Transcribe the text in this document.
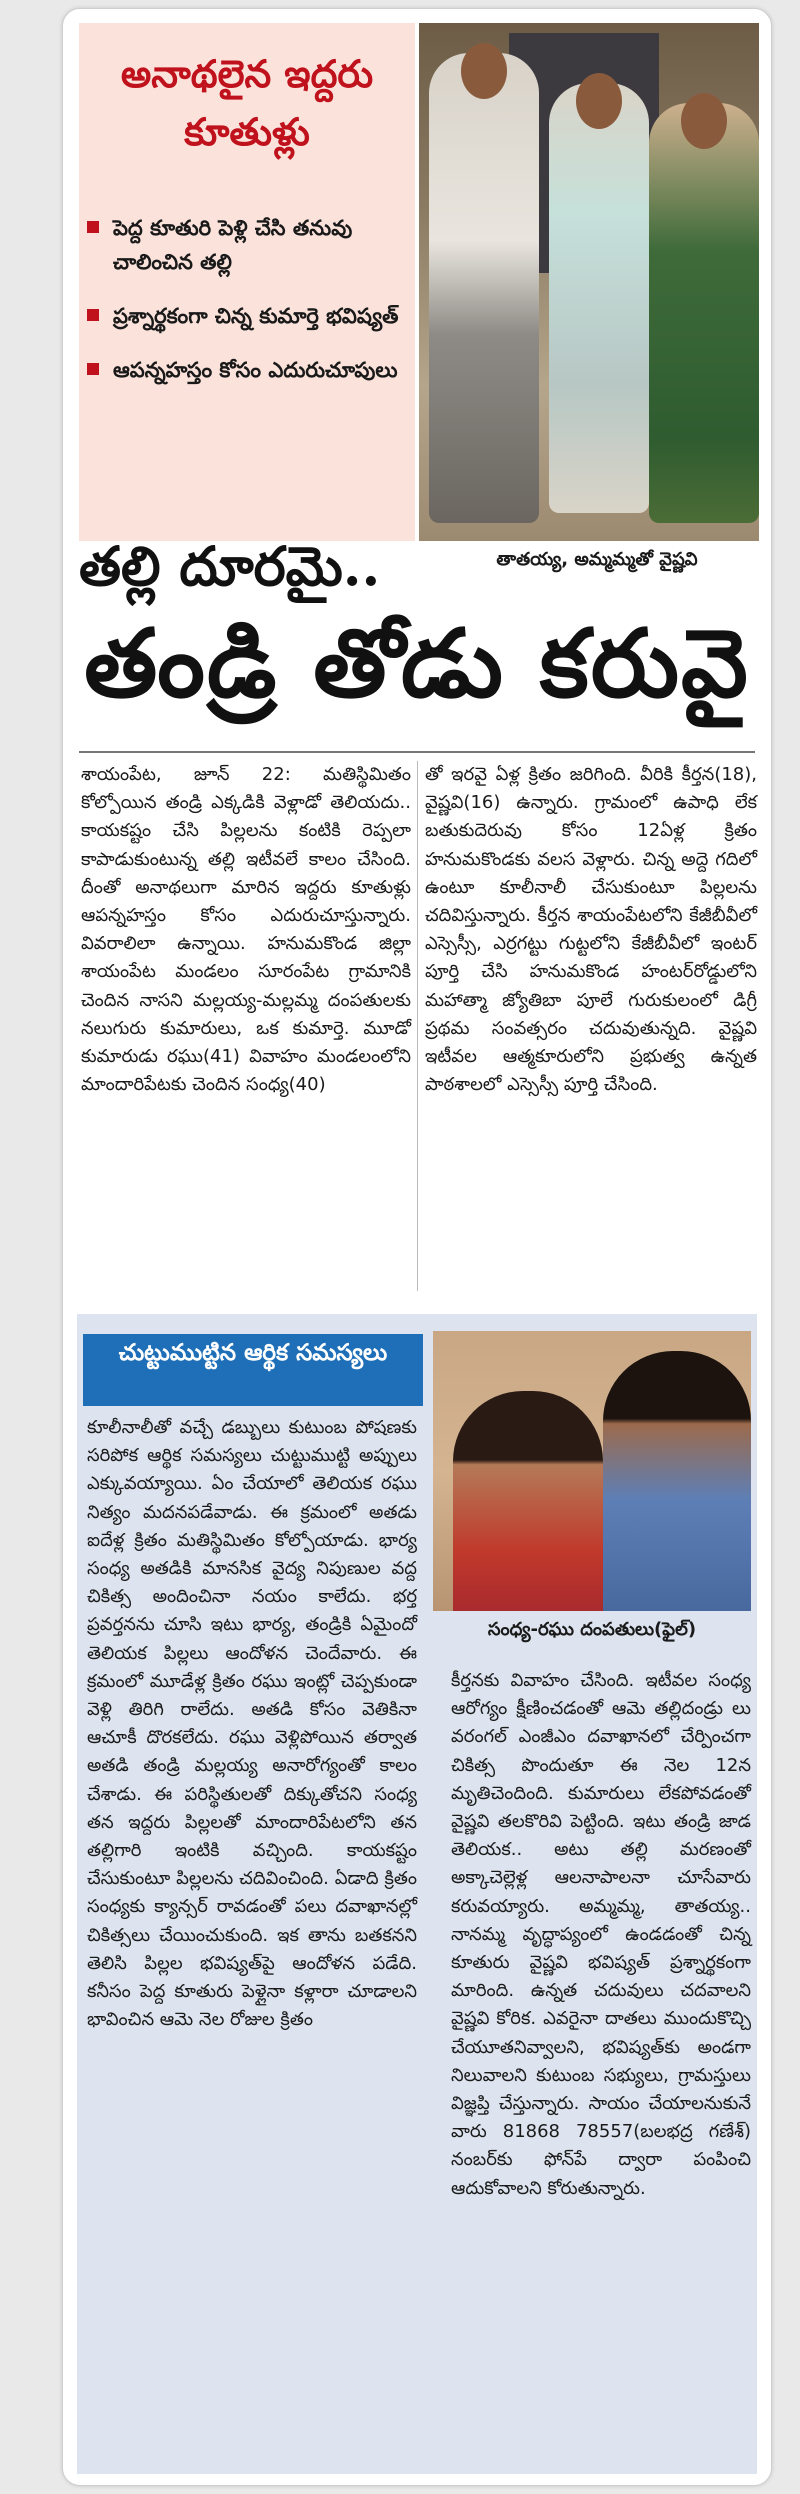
అనాథలైన ఇద్దరు కూతుళ్లు
పెద్ద కూతురి పెళ్లి చేసి తనువు చాలించిన తల్లి
ప్రశ్నార్థకంగా చిన్న కుమార్తె భవిష్యత్
ఆపన్నహస్తం కోసం ఎదురుచూపులు
తల్లి దూరమై..	తాతయ్య, అమ్మమ్మతో వైష్ణవి
తండ్రి తోడు కరువై
శాయంపేట, జూన్ 22: మతిస్థిమితం కోల్పోయిన తండ్రి ఎక్కడికి వెళ్లాడో తెలియదు.. కాయకష్టం చేసి పిల్లలను కంటికి రెప్పలా కాపాడుకుంటున్న తల్లి ఇటీవలే కాలం చేసింది. దీంతో అనాథలుగా మారిన ఇద్దరు కూతుళ్లు ఆపన్నహస్తం కోసం ఎదురుచూస్తున్నారు. వివరాలిలా ఉన్నాయి. హనుమకొండ జిల్లా శాయంపేట మండలం సూరంపేట గ్రామానికి చెందిన నాసని మల్లయ్య-మల్లమ్మ దంపతులకు నలుగురు కుమారులు, ఒక కుమార్తె. మూడో కుమారుడు రఘు(41) వివాహం మండలంలోని మాందారిపేటకు చెందిన సంధ్య(40)
తో ఇరవై ఏళ్ల క్రితం జరిగింది. వీరికి కీర్తన(18), వైష్ణవి(16) ఉన్నారు. గ్రామంలో ఉపాధి లేక బతుకుదెరువు కోసం 12ఏళ్ల క్రితం హనుమకొండకు వలస వెళ్లారు. చిన్న అద్దె గదిలో ఉంటూ కూలీనాలీ చేసుకుంటూ పిల్లలను చదివిస్తున్నారు. కీర్తన శాయంపేటలోని కేజీబీవీలో ఎస్సెస్సీ, ఎర్రగట్టు గుట్టలోని కేజీబీవీలో ఇంటర్ పూర్తి చేసి హనుమకొండ హంటర్‌రోడ్డులోని మహాత్మా జ్యోతిబా పూలే గురుకులంలో డిగ్రీ ప్రథమ సంవత్సరం చదువుతున్నది. వైష్ణవి ఇటీవల ఆత్మకూరులోని ప్రభుత్వ ఉన్నత పాఠశాలలో ఎస్సెస్సీ పూర్తి చేసింది.
చుట్టుముట్టిన ఆర్థిక సమస్యలు
కూలీనాలీతో వచ్చే డబ్బులు కుటుంబ పోషణకు సరిపోక ఆర్థిక సమస్యలు చుట్టుముట్టి అప్పులు ఎక్కువయ్యాయి. ఏం చేయాలో తెలియక రఘు నిత్యం మదనపడేవాడు. ఈ క్రమంలో అతడు ఐదేళ్ల క్రితం మతిస్థిమితం కోల్పోయాడు. భార్య సంధ్య అతడికి మానసిక వైద్య నిపుణుల వద్ద చికిత్స అందించినా నయం కాలేదు. భర్త ప్రవర్తనను చూసి ఇటు భార్య, తండ్రికి ఏమైందో తెలియక పిల్లలు ఆందోళన చెందేవారు. ఈ క్రమంలో మూడేళ్ల క్రితం రఘు ఇంట్లో చెప్పకుండా వెళ్లి తిరిగి రాలేదు. అతడి కోసం వెతికినా ఆచూకీ దొరకలేదు. రఘు వెళ్లిపోయిన తర్వాత అతడి తండ్రి మల్లయ్య అనారోగ్యంతో కాలం చేశాడు. ఈ పరిస్థితులతో దిక్కుతోచని సంధ్య తన ఇద్దరు పిల్లలతో మాందారిపేటలోని తన తల్లిగారి ఇంటికి వచ్చింది. కాయకష్టం చేసుకుంటూ పిల్లలను చదివించింది. ఏడాది క్రితం సంధ్యకు క్యాన్సర్ రావడంతో పలు దవాఖానల్లో చికిత్సలు చేయించుకుంది. ఇక తాను బతకనని తెలిసి పిల్లల భవిష్యత్‌పై ఆందోళన పడేది. కనీసం పెద్ద కూతురు పెళ్లైనా కళ్లారా చూడాలని భావించిన ఆమె నెల రోజుల క్రితం
సంధ్య-రఘు దంపతులు(ఫైల్)
కీర్తనకు వివాహం చేసింది. ఇటీవల సంధ్య ఆరోగ్యం క్షీణించడంతో ఆమె తల్లిదండ్రు లు వరంగల్ ఎంజీఎం దవాఖానలో చేర్పించగా చికిత్స పొందుతూ ఈ నెల 12న మృతిచెందింది. కుమారులు లేకపోవడంతో వైష్ణవి తలకొరివి పెట్టింది. ఇటు తండ్రి జాడ తెలియక.. అటు తల్లి మరణంతో అక్కాచెల్లెళ్ల ఆలనాపాలనా చూసేవారు కరువయ్యారు. అమ్మమ్మ, తాతయ్య.. నానమ్మ వృద్ధాప్యంలో ఉండడంతో చిన్న కూతురు వైష్ణవి భవిష్యత్ ప్రశ్నార్థకంగా మారింది. ఉన్నత చదువులు చదవాలని వైష్ణవి కోరిక. ఎవరైనా దాతలు ముందుకొచ్చి చేయూతనివ్వాలని, భవిష్యత్‌కు అండగా నిలువాలని కుటుంబ సభ్యులు, గ్రామస్తులు విజ్ఞప్తి చేస్తున్నారు. సాయం చేయాలనుకునే వారు 81868 78557(బలభద్ర గణేశ్) నంబర్‌కు ఫోన్‌పే ద్వారా పంపించి ఆదుకోవాలని కోరుతున్నారు.
